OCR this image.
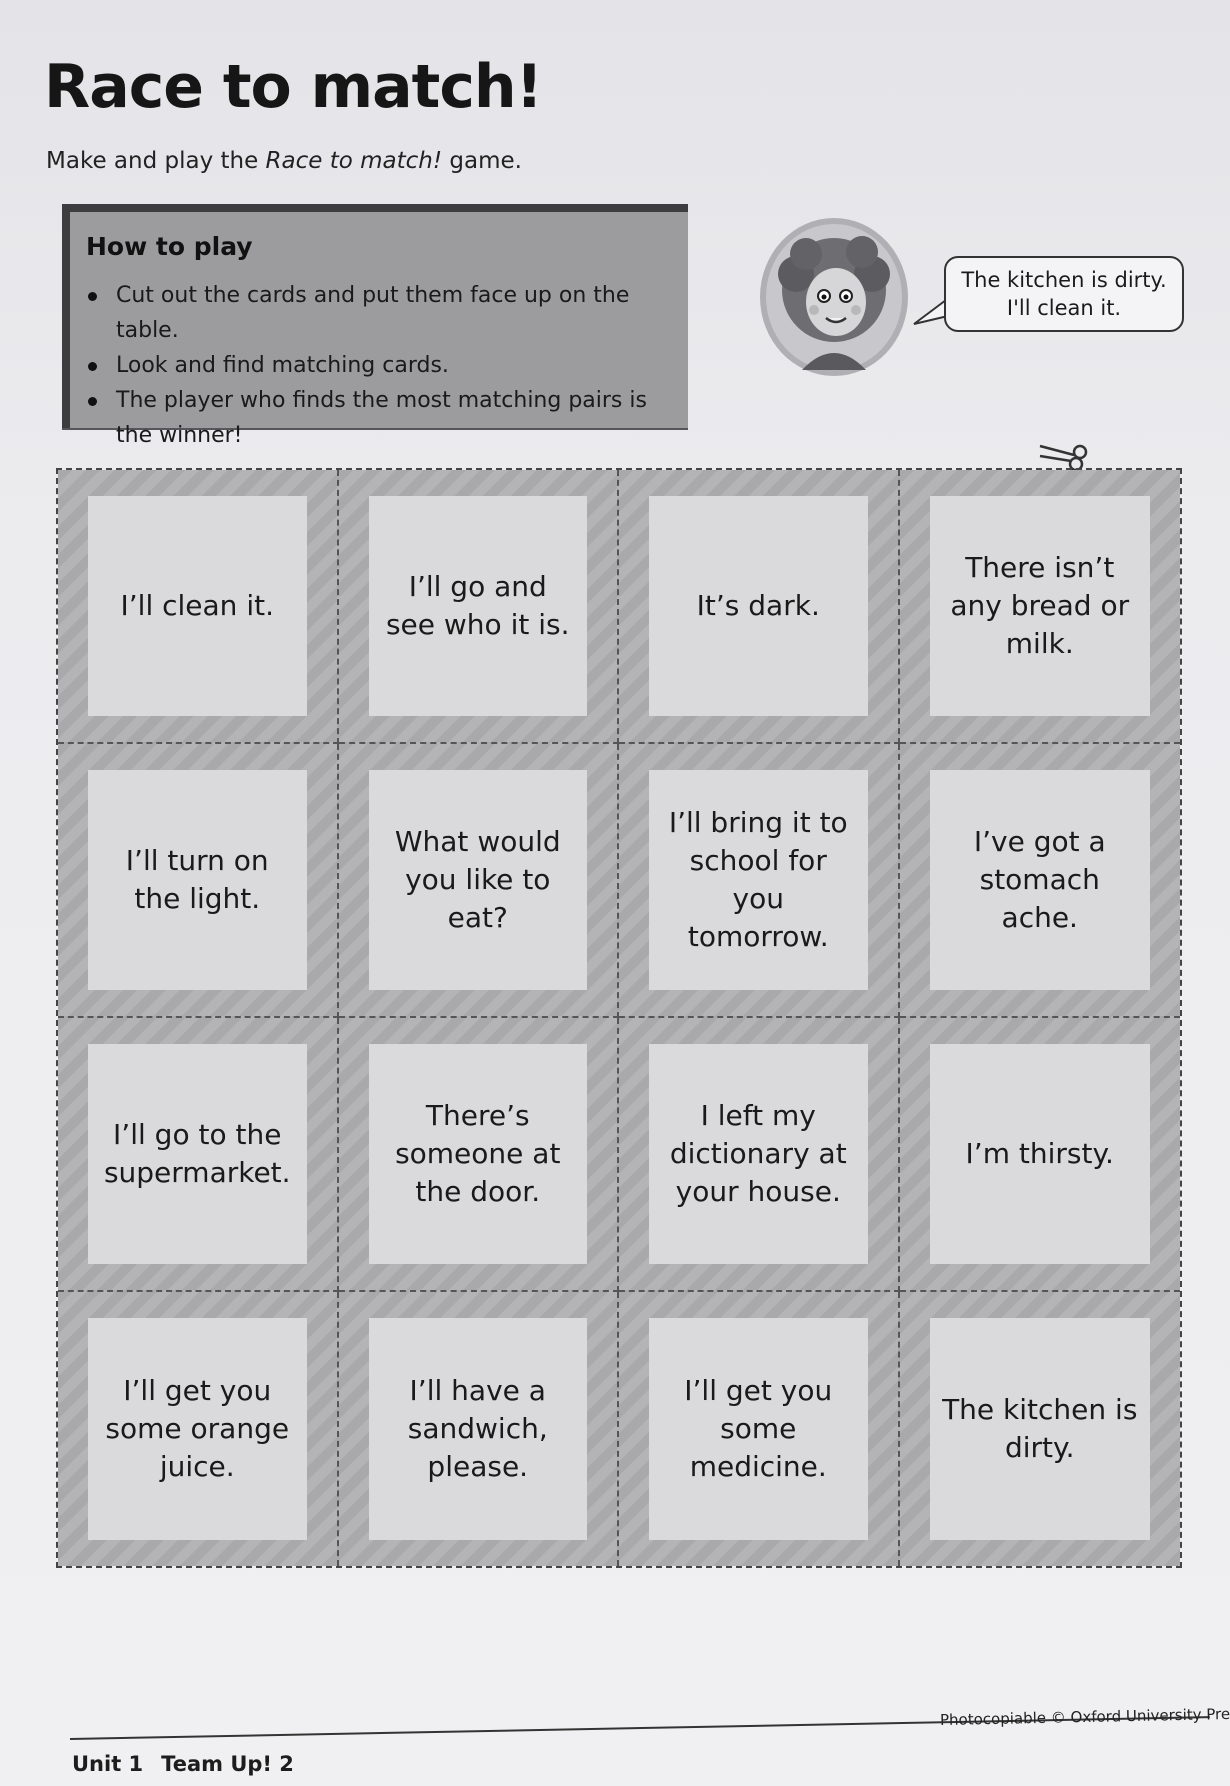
Race to match!
Make and play the Race to match! game.
How to play
Cut out the cards and put them face up on the table.
Look and find matching cards.
The player who finds the most matching pairs is the winner!
The kitchen is dirty.
I'll clean it.
I’ll clean it.
I’ll go and see who it is.
It’s dark.
There isn’t any bread or milk.
I’ll turn on the light.
What would you like to eat?
I’ll bring it to school for you tomorrow.
I’ve got a stomach ache.
I’ll go to the supermarket.
There’s someone at the door.
I left my dictionary at your house.
I’m thirsty.
I’ll get you some orange juice.
I’ll have a sandwich, please.
I’ll get you some medicine.
The kitchen is dirty.
Photocopiable © Oxford University Pre
Unit 1 Team Up! 2
